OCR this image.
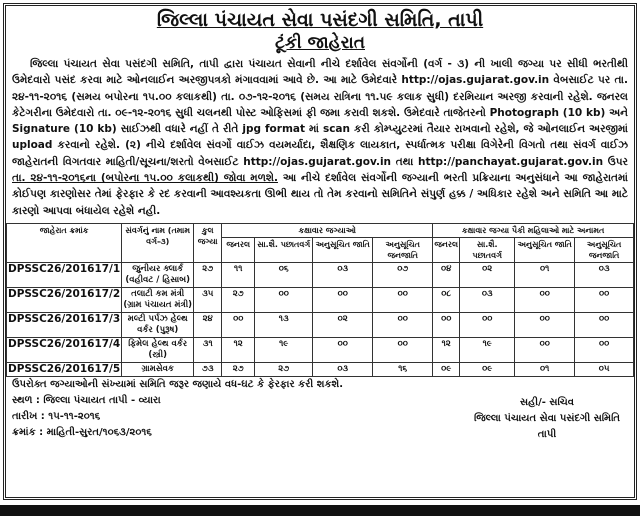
જિલ્લા પંચાયત સેવા પસંદગી સમિતિ, તાપી
ટૂંકી જાહેરાત

જિલ્લા પંચાયત સેવા પસંદગી સમિતિ, તાપી દ્વારા પંચાયત સેવાની નીચે દર્શાવેલ સંવર્ગોની (વર્ગ - ૩) ની ખાલી જગ્યા પર સીધી ભરતીથી ઉમેદવારો પસંદ કરવા માટે ઓનલાઈન અરજીપત્રકો મંગાવવામાં આવે છે. આ માટે ઉમેદવારે http://ojas.gujarat.gov.in વેબસાઈટ પર તા. ૨૪-૧૧-૨૦૧૬ (સમય બપોરના ૧૫.૦૦ કલાકથી) તા. ૦૭-૧૨-૨૦૧૬ (સમય રાત્રિના ૧૧.૫૯ કલાક સુધી) દરમિયાન અરજી કરવાની રહેશે. જનરલ કેટેગરીના ઉમેદવારો તા. ૦૯-૧૨-૨૦૧૬ સુધી ચલનથી પોસ્ટ ઓફિસમાં ફી જમા કરાવી શકશે. ઉમેદવારે તાજેતરનો Photograph (10 kb) અને Signature (10 kb) સાઈઝથી વધારે નહીં તે રીતે jpg format માં scan કરી કોમ્પ્યુટરમાં તૈયાર રાખવાનો રહેશે, જે ઓનલાઈન અરજીમાં upload કરવાનો રહેશે. (૨) નીચે દર્શાવેલ સંવર્ગો વાઈઝ વયમર્યાદા, શૈક્ષણિક લાયકાત, સ્પર્ધાત્મક પરીક્ષા વિગેરેની વિગતો તથા સંવર્ગ વાઈઝ જાહેરાતની વિગતવાર માહિતી/સૂચના/શરતો વેબસાઈટ http://ojas.gujarat.gov.in તથા http://panchayat.gujarat.gov.in ઉપર તા. ૨૪-૧૧-૨૦૧૬ના (બપોરના ૧૫.૦૦ કલાકથી) જોવા મળશે. આ નીચે દર્શાવેલ સંવર્ગોની જગ્યાની ભરતી પ્રક્રિયાના અનુસંધાને આ જાહેરાતમાં કોઈપણ કારણોસર તેમાં ફેરફાર કે રદ કરવાની આવશ્યકતા ઊભી થાય તો તેમ કરવાનો સમિતિને સંપુર્ણ હક્ક / અધિકાર રહેશે અને સમિતિ આ માટે કારણો આપવા બંધાયેલ રહેશે નહી.

જાહેરાત ક્રમાંક	સંવર્ગનું નામ (તમામ વર્ગ-૩)	કુલ જગ્યા	કક્ષાવાર જગ્યાઓ				કક્ષાવાર જગ્યા પૈકી મહિલાઓ માટે અનામત			
			જનરલ	સા.શૈ. પછાતવર્ગ	અનુસૂચિત જાતિ	અનુસૂચિત જનજાતિ	જનરલ	સા.શૈ. પછાતવર્ગ	અનુસૂચિત જાતિ	અનુસૂચિત જનજાતિ
DPSSC26/201617/1	જુનીયર ક્લાર્ક (વહીવટ / હિસાબ)	૨૭	૧૧	૦૬	૦૩	૦૭	૦૪	૦૨	૦૧	૦૩
DPSSC26/201617/2	તલાટી કમ મંત્રી (ગ્રામ પંચાયત મંત્રી)	૩૫	૨૭	૦૦	૦૦	૦૦	૦૮	૦૩	૦૦	૦૦
DPSSC26/201617/3	મલ્ટી પર્પઝ હેલ્થ વર્કર (પુરૂષ)	૨૪	૦૦	૧૩	૦૨	૦૦	૦૦	૦૦	૦૦	૦૦
DPSSC26/201617/4	ફિમેલ હેલ્થ વર્કર (સ્ત્રી)	૩૧	૧૨	૧૯	૦૦	૦૦	૧૨	૧૯	૦૦	૦૦
DPSSC26/201617/5	ગ્રામસેવક	૭૩	૨૭	૨૭	૦૩	૧૬	૦૯	૦૯	૦૧	૦૫
ઉપરોક્ત જગ્યાઓની સંખ્યામાં સમિતિ જરૂર જણાયે વધ-ઘટ કે ફેરફાર કરી શકશે.
સ્થળ : જિલ્લા પંચાયત તાપી - વ્યારા
તારીખ : ૧૫-૧૧-૨૦૧૬
ક્રમાંક : માહિતી-સુરત/૧૦૬૩/૨૦૧૬
સહી/- સચિવ
જિલ્લા પંચાયત સેવા પસંદગી સમિતિ
તાપી
